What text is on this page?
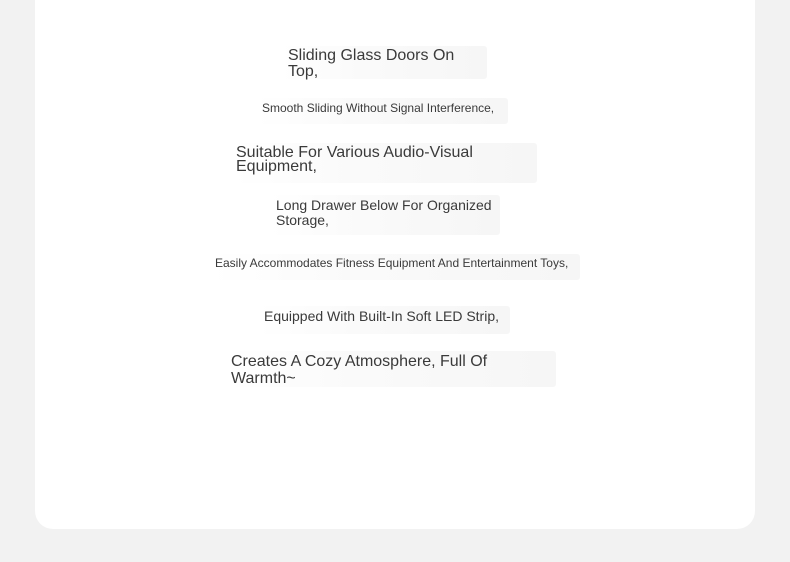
Sliding Glass Doors On Top,
Smooth Sliding Without Signal Interference,
Suitable For Various Audio-Visual Equipment,
Long Drawer Below For Organized Storage,
Easily Accommodates Fitness Equipment And Entertainment Toys,
Equipped With Built-In Soft LED Strip,
Creates A Cozy Atmosphere, Full Of Warmth~
